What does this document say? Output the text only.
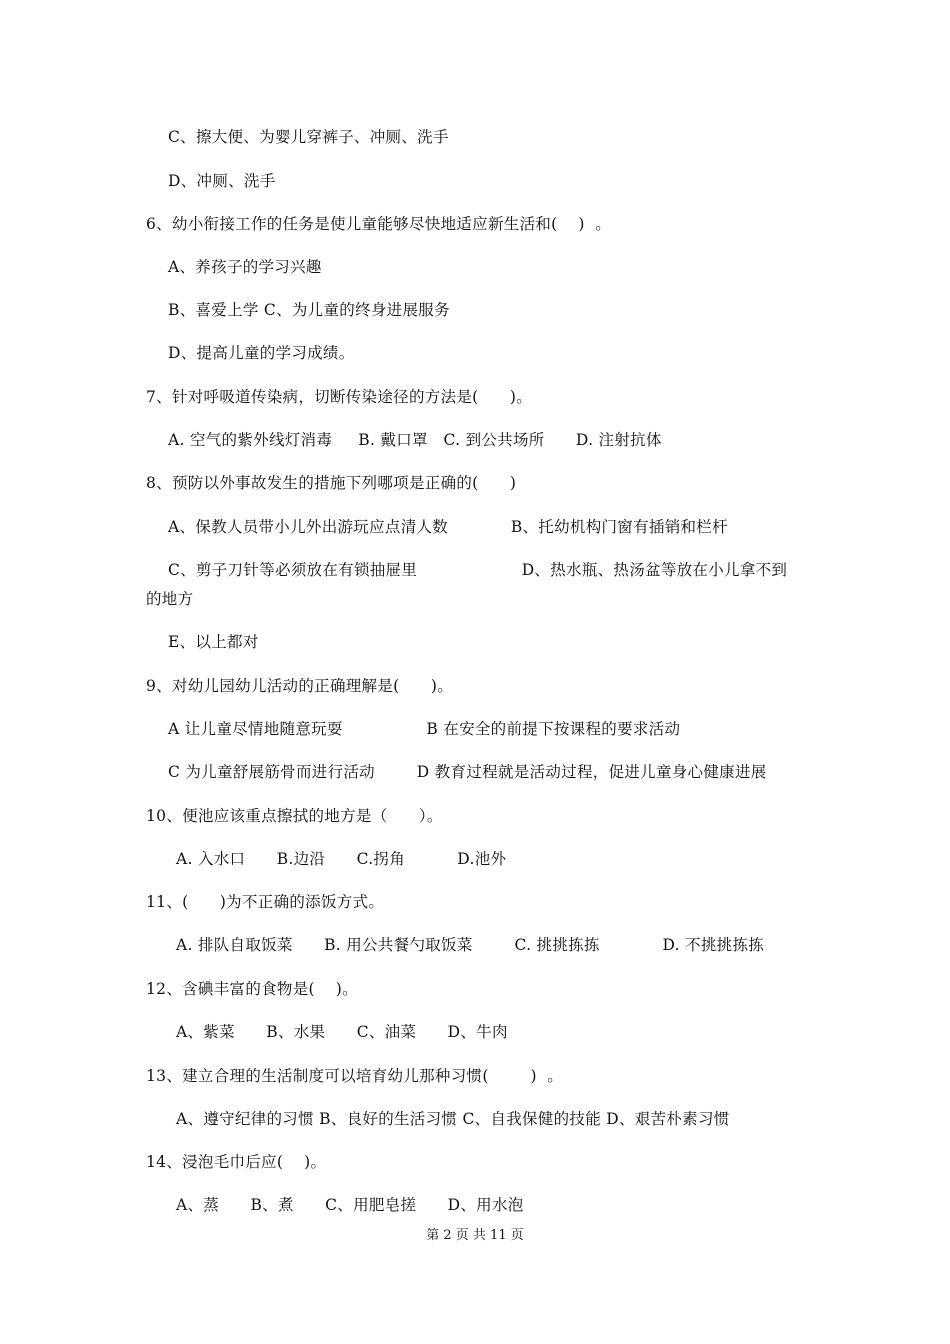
C、擦大便、为婴儿穿裤子、冲厕、洗手
D、冲厕、洗手
6、幼小衔接工作的任务是使儿童能够尽快地适应新生活和(    )  。
A、养孩子的学习兴趣
B、喜爱上学 C、为儿童的终身进展服务
D、提高儿童的学习成绩。
7、针对呼吸道传染病，切断传染途径的方法是(      )。
A. 空气的紫外线灯消毒     B. 戴口罩   C. 到公共场所      D. 注射抗体
8、预防以外事故发生的措施下列哪项是正确的(      )
A、保教人员带小儿外出游玩应点清人数            B、托幼机构门窗有插销和栏杆
C、剪子刀针等必须放在有锁抽屉里                    D、热水瓶、热汤盆等放在小儿拿不到
的地方
E、以上都对
9、对幼儿园幼儿活动的正确理解是(      )。
A 让儿童尽情地随意玩耍                B 在安全的前提下按课程的要求活动
C 为儿童舒展筋骨而进行活动        D 教育过程就是活动过程，促进儿童身心健康进展
10、便池应该重点擦拭的地方是（      ）。
A. 入水口      B.边沿      C.拐角          D.池外
11、(      )为不正确的添饭方式。
A. 排队自取饭菜      B. 用公共餐勺取饭菜        C. 挑挑拣拣            D. 不挑挑拣拣
12、含碘丰富的食物是(    )。
A、紫菜      B、水果      C、油菜      D、牛肉
13、建立合理的生活制度可以培育幼儿那种习惯(        )  。
A、遵守纪律的习惯 B、良好的生活习惯 C、自我保健的技能 D、艰苦朴素习惯
14、浸泡毛巾后应(    )。
A、蒸      B、煮      C、用肥皂搓      D、用水泡
第 2 页 共 11 页
